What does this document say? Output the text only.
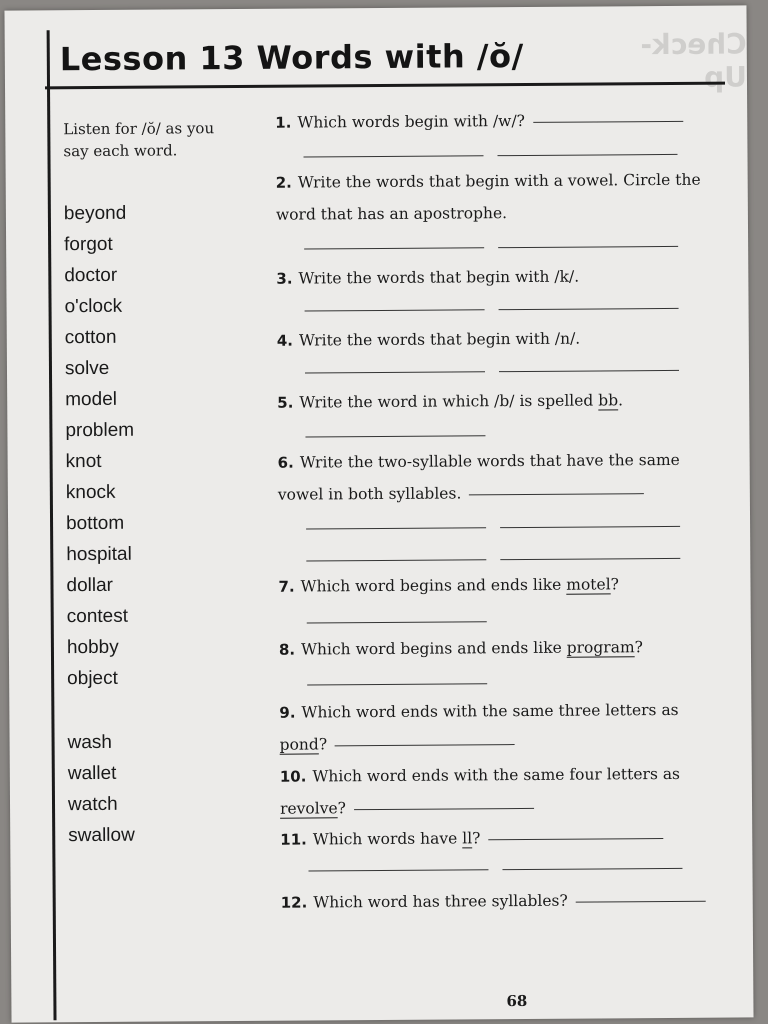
Check-Up
Lesson 13 Words with /ŏ/
Listen for /ŏ/ as you say each word.
beyond
forgot
doctor
o'clock
cotton
solve
model
problem
knot
knock
bottom
hospital
dollar
contest
hobby
object
wash
wallet
watch
swallow
1. Which words begin with /w/?
2. Write the words that begin with a vowel. Circle the word that has an apostrophe.
3. Write the words that begin with /k/.
4. Write the words that begin with /n/.
5. Write the word in which /b/ is spelled bb.
6. Write the two-syllable words that have the same vowel in both syllables.
7. Which word begins and ends like motel?
8. Which word begins and ends like program?
9. Which word ends with the same three letters as pond?
10. Which word ends with the same four letters as revolve?
11. Which words have ll?
12. Which word has three syllables?
68
